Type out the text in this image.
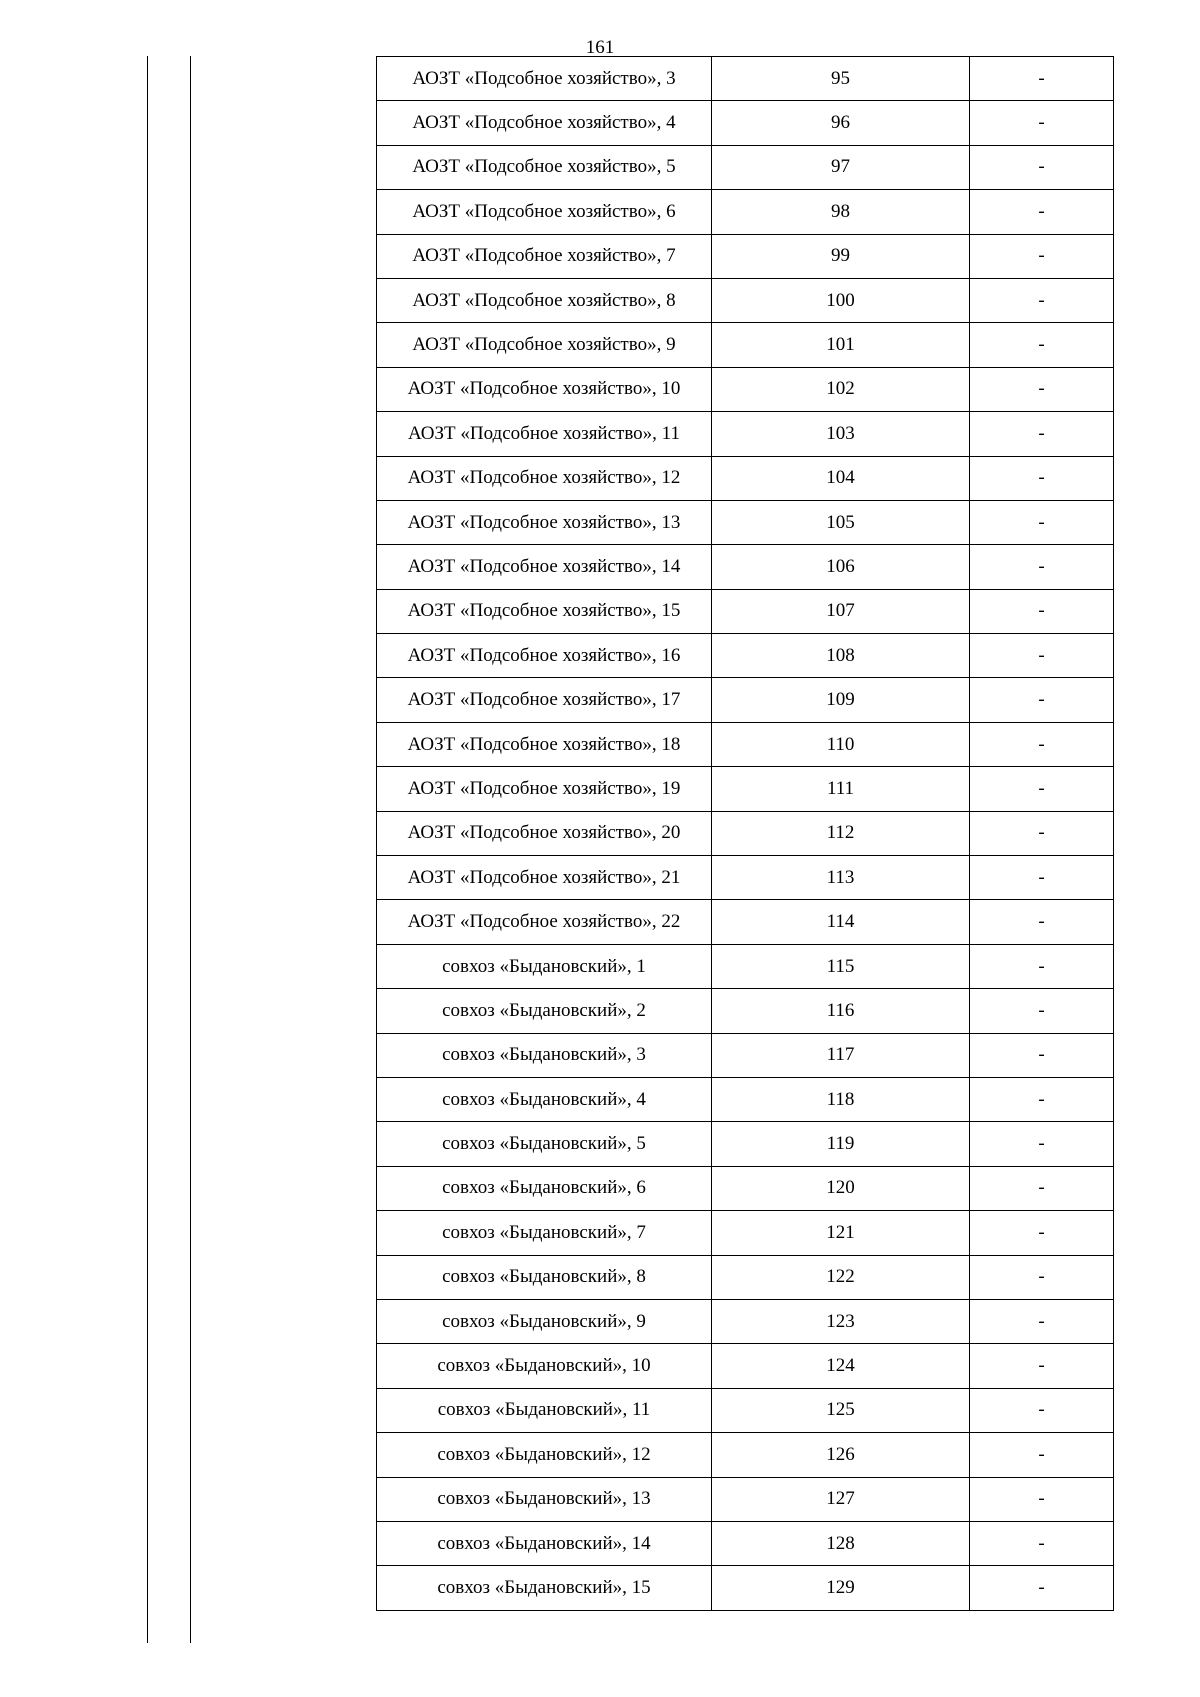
161
АОЗТ «Подсобное хозяйство», 3	95	-
АОЗТ «Подсобное хозяйство», 4	96	-
АОЗТ «Подсобное хозяйство», 5	97	-
АОЗТ «Подсобное хозяйство», 6	98	-
АОЗТ «Подсобное хозяйство», 7	99	-
АОЗТ «Подсобное хозяйство», 8	100	-
АОЗТ «Подсобное хозяйство», 9	101	-
АОЗТ «Подсобное хозяйство», 10	102	-
АОЗТ «Подсобное хозяйство», 11	103	-
АОЗТ «Подсобное хозяйство», 12	104	-
АОЗТ «Подсобное хозяйство», 13	105	-
АОЗТ «Подсобное хозяйство», 14	106	-
АОЗТ «Подсобное хозяйство», 15	107	-
АОЗТ «Подсобное хозяйство», 16	108	-
АОЗТ «Подсобное хозяйство», 17	109	-
АОЗТ «Подсобное хозяйство», 18	110	-
АОЗТ «Подсобное хозяйство», 19	111	-
АОЗТ «Подсобное хозяйство», 20	112	-
АОЗТ «Подсобное хозяйство», 21	113	-
АОЗТ «Подсобное хозяйство», 22	114	-
совхоз «Быдановский», 1	115	-
совхоз «Быдановский», 2	116	-
совхоз «Быдановский», 3	117	-
совхоз «Быдановский», 4	118	-
совхоз «Быдановский», 5	119	-
совхоз «Быдановский», 6	120	-
совхоз «Быдановский», 7	121	-
совхоз «Быдановский», 8	122	-
совхоз «Быдановский», 9	123	-
совхоз «Быдановский», 10	124	-
совхоз «Быдановский», 11	125	-
совхоз «Быдановский», 12	126	-
совхоз «Быдановский», 13	127	-
совхоз «Быдановский», 14	128	-
совхоз «Быдановский», 15	129	-
